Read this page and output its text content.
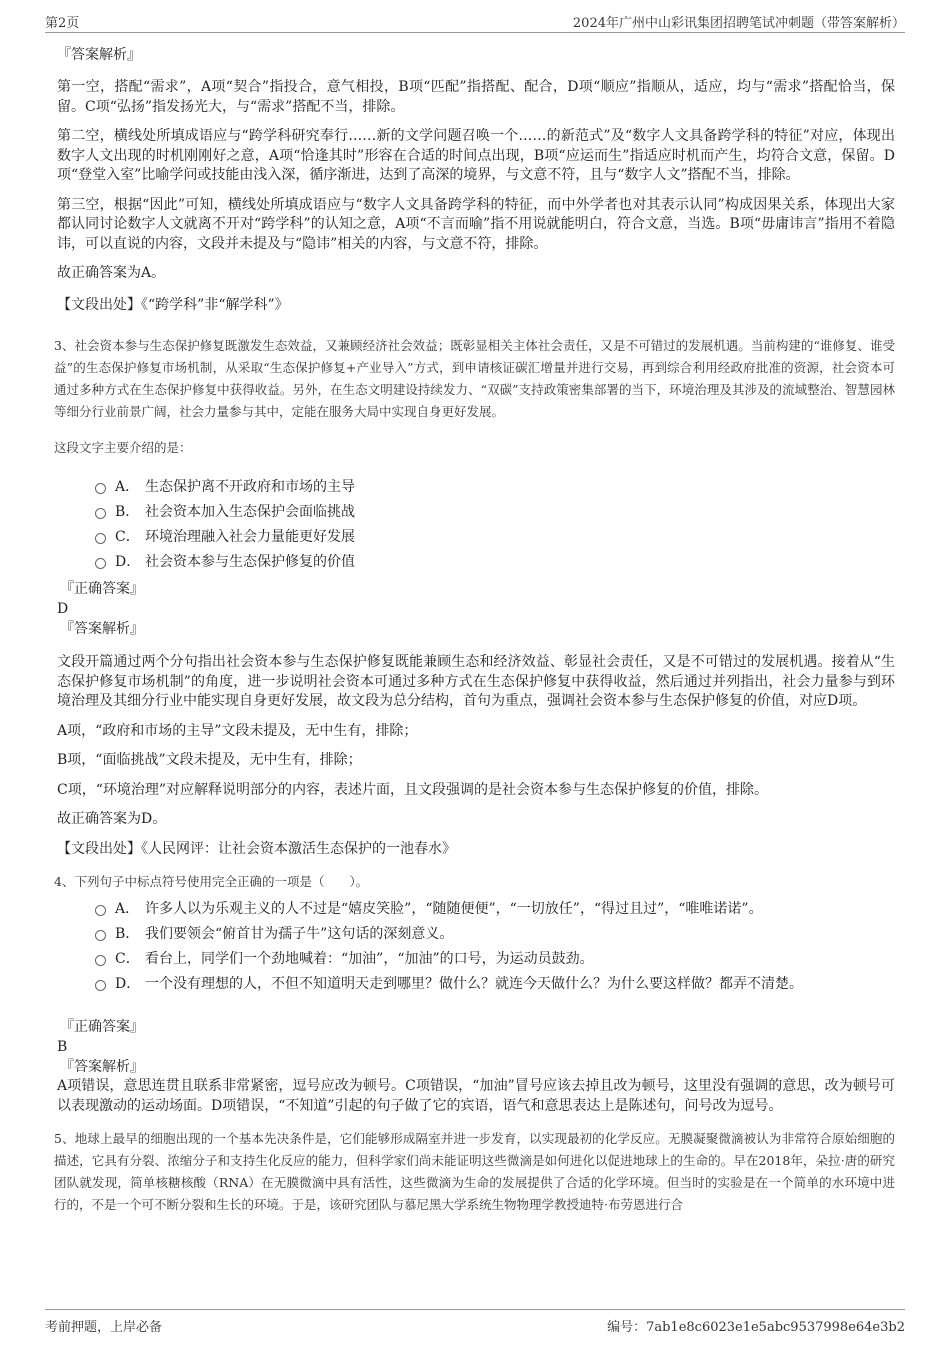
第2页	2024年广州中山彩讯集团招聘笔试冲刺题（带答案解析）

『答案解析』

第一空，搭配“需求”，A项“契合”指投合，意气相投，B项“匹配”指搭配、配合，D项“顺应”指顺从，适应，均与“需求”搭配恰当，保留。C项“弘扬”指发扬光大，与“需求”搭配不当，排除。

第二空，横线处所填成语应与“跨学科研究奉行……新的文学问题召唤一个……的新范式”及“数字人文具备跨学科的特征”对应，体现出数字人文出现的时机刚刚好之意，A项“恰逢其时”形容在合适的时间点出现，B项“应运而生”指适应时机而产生，均符合文意，保留。D项“登堂入室”比喻学问或技能由浅入深，循序渐进，达到了高深的境界，与文意不符，且与“数字人文”搭配不当，排除。

第三空，根据“因此”可知，横线处所填成语应与“数字人文具备跨学科的特征，而中外学者也对其表示认同”构成因果关系，体现出大家都认同讨论数字人文就离不开对“跨学科”的认知之意，A项“不言而喻”指不用说就能明白，符合文意，当选。B项“毋庸讳言”指用不着隐讳，可以直说的内容，文段并未提及与“隐讳”相关的内容，与文意不符，排除。

故正确答案为A。

【文段出处】《“跨学科”非“解学科”》

3、社会资本参与生态保护修复既激发生态效益，又兼顾经济社会效益；既彰显相关主体社会责任，又是不可错过的发展机遇。当前构建的“谁修复、谁受益”的生态保护修复市场机制，从采取“生态保护修复+产业导入”方式，到申请核证碳汇增量并进行交易，再到综合利用经政府批准的资源，社会资本可通过多种方式在生态保护修复中获得收益。另外，在生态文明建设持续发力、“双碳”支持政策密集部署的当下，环境治理及其涉及的流域整治、智慧园林等细分行业前景广阔，社会力量参与其中，定能在服务大局中实现自身更好发展。

这段文字主要介绍的是：

A． 生态保护离不开政府和市场的主导
B． 社会资本加入生态保护会面临挑战
C． 环境治理融入社会力量能更好发展
D． 社会资本参与生态保护修复的价值

『正确答案』

D

『答案解析』

文段开篇通过两个分句指出社会资本参与生态保护修复既能兼顾生态和经济效益、彰显社会责任，又是不可错过的发展机遇。接着从“生态保护修复市场机制”的角度，进一步说明社会资本可通过多种方式在生态保护修复中获得收益，然后通过并列指出，社会力量参与到环境治理及其细分行业中能实现自身更好发展，故文段为总分结构，首句为重点，强调社会资本参与生态保护修复的价值，对应D项。

A项，“政府和市场的主导”文段未提及，无中生有，排除；

B项，“面临挑战”文段未提及，无中生有，排除；

C项，“环境治理”对应解释说明部分的内容，表述片面，且文段强调的是社会资本参与生态保护修复的价值，排除。

故正确答案为D。

【文段出处】《人民网评：让社会资本激活生态保护的一池春水》

4、下列句子中标点符号使用完全正确的一项是（　　）。

A． 许多人以为乐观主义的人不过是“嬉皮笑脸”，“随随便便”，“一切放任”，“得过且过”，“唯唯诺诺”。
B． 我们要领会“俯首甘为孺子牛”这句话的深刻意义。
C． 看台上，同学们一个劲地喊着：“加油”，“加油”的口号，为运动员鼓劲。
D． 一个没有理想的人，不但不知道明天走到哪里？做什么？就连今天做什么？为什么要这样做？都弄不清楚。

『正确答案』

B

『答案解析』

A项错误，意思连贯且联系非常紧密，逗号应改为顿号。C项错误，“加油”冒号应该去掉且改为顿号，这里没有强调的意思，改为顿号可以表现激动的运动场面。D项错误，“不知道”引起的句子做了它的宾语，语气和意思表达上是陈述句，问号改为逗号。

5、地球上最早的细胞出现的一个基本先决条件是，它们能够形成隔室并进一步发育，以实现最初的化学反应。无膜凝聚微滴被认为非常符合原始细胞的描述，它具有分裂、浓缩分子和支持生化反应的能力，但科学家们尚未能证明这些微滴是如何进化以促进地球上的生命的。早在2018年，朵拉·唐的研究团队就发现，简单核糖核酸（RNA）在无膜微滴中具有活性，这些微滴为生命的发展提供了合适的化学环境。但当时的实验是在一个简单的水环境中进行的，不是一个可不断分裂和生长的环境。于是，该研究团队与慕尼黑大学系统生物物理学教授迪特·布劳恩进行合

考前押题，上岸必备	编号：7ab1e8c6023e1e5abc9537998e64e3b2
